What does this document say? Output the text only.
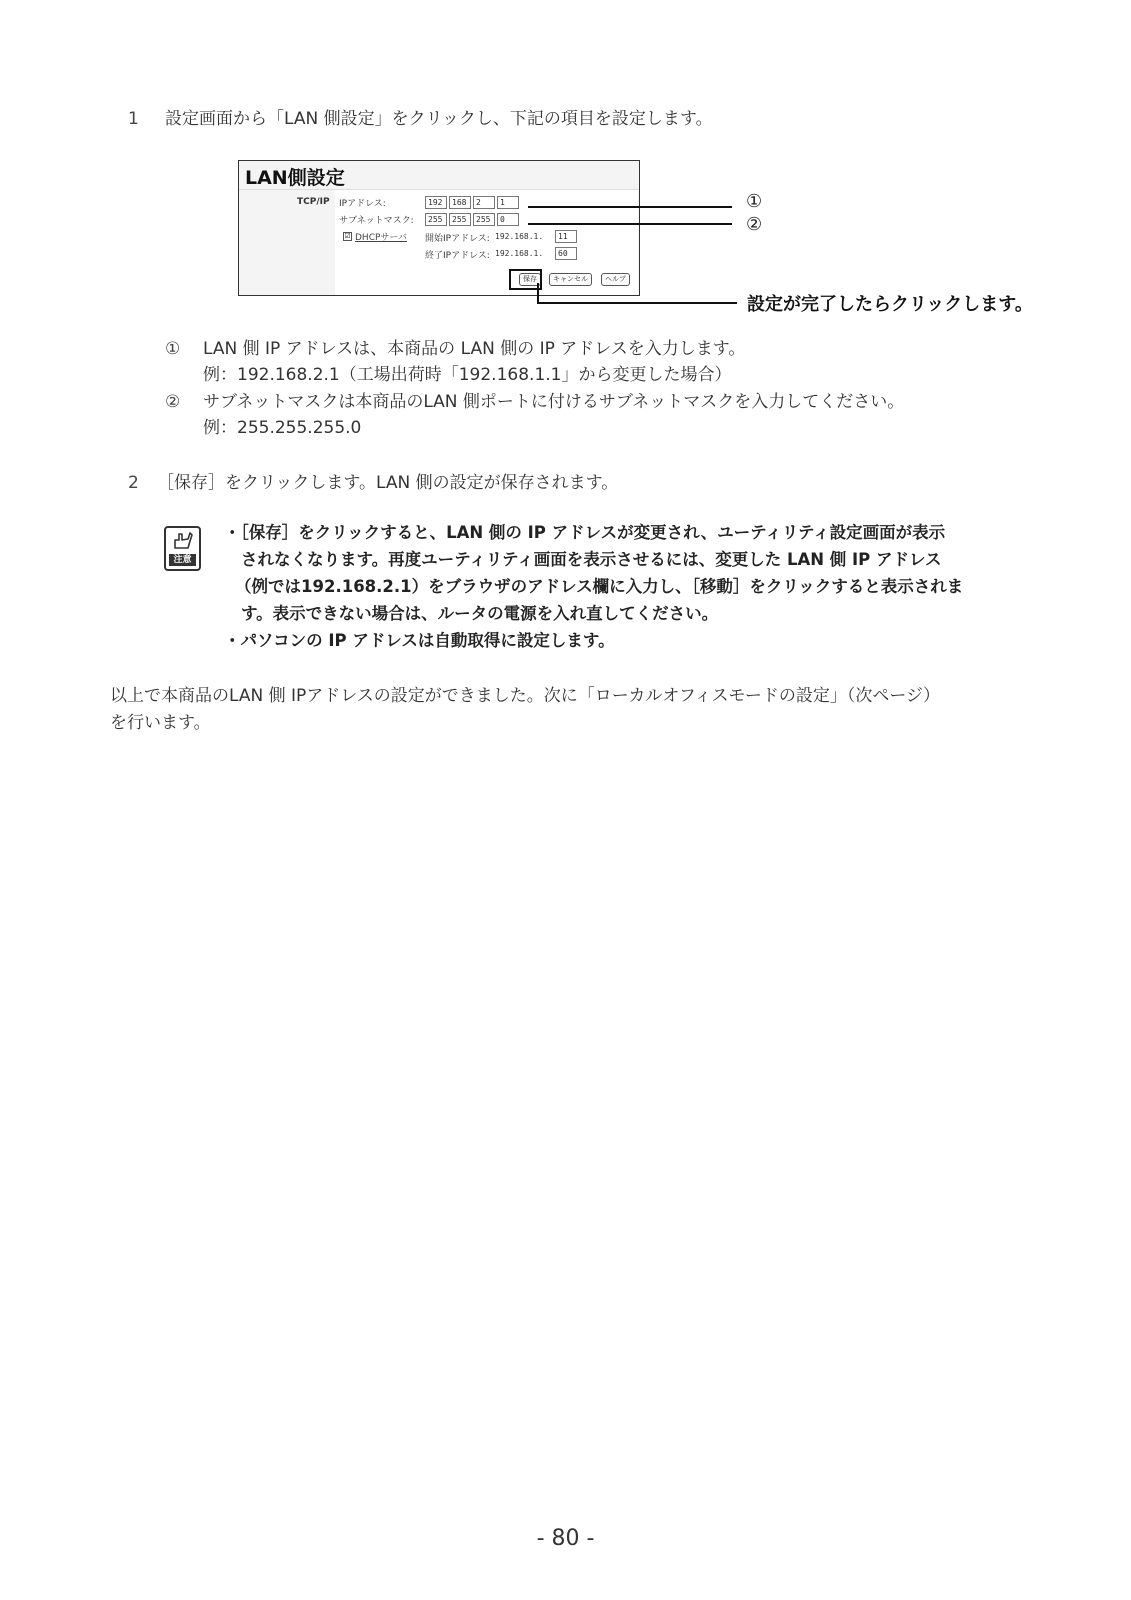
1 設定画面から「LAN 側設定」をクリックし、下記の項目を設定します。
LAN側設定
TCP/IP IPアドレス:	192	168	2	1
サブネットマスク:	255	255	255	0
☑ DHCPサーバ 開始IPアドレス: 192.168.1.	11
終了IPアドレス: 192.168.1.	60
保存	キャンセル	ヘルプ
①
②
設定が完了したらクリックします。
① LAN 側 IP アドレスは、本商品の LAN 側の IP アドレスを入力します。
例：192.168.2.1（工場出荷時「192.168.1.1」から変更した場合）
② サブネットマスクは本商品のLAN 側ポートに付けるサブネットマスクを入力してください。
例：255.255.255.0
2 ［保存］をクリックします。LAN 側の設定が保存されます。
注意
・［保存］をクリックすると、LAN 側の IP アドレスが変更され、ユーティリティ設定画面が表示
されなくなります。再度ユーティリティ画面を表示させるには、変更した LAN 側 IP アドレス
（例では192.168.2.1）をブラウザのアドレス欄に入力し、［移動］をクリックすると表示されま
す。表示できない場合は、ルータの電源を入れ直してください。
・パソコンの IP アドレスは自動取得に設定します。
以上で本商品のLAN 側 IPアドレスの設定ができました。次に「ローカルオフィスモードの設定」（次ページ）
を行います。
- 80 -
